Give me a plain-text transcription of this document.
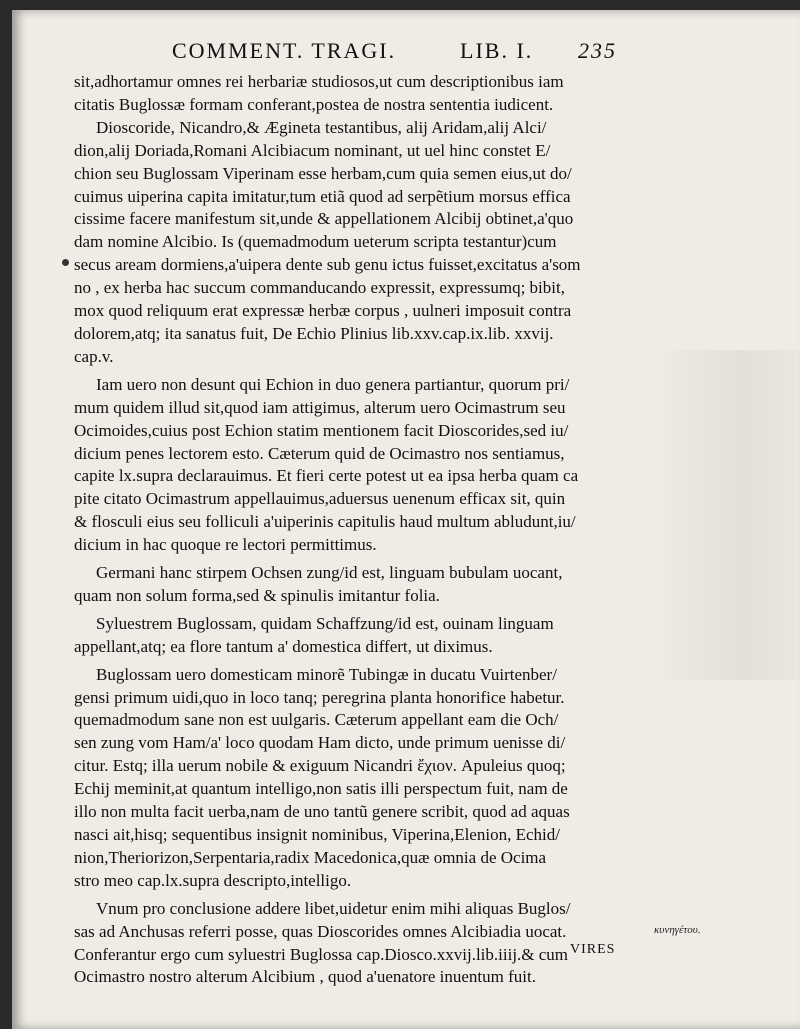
COMMENT. TRAGI.	LIB. I. 235
sit,adhortamur omnes rei herbariæ studiosos,ut cum descriptionibus iam
citatis Buglossæ formam conferant,postea de nostra sententia iudicent.
Dioscoride, Nicandro,& Ægineta testantibus, alij Aridam,alij Alci/
dion,alij Doriada,Romani Alcibiacum nominant, ut uel hinc constet E/
chion seu Buglossam Viperinam esse herbam,cum quia semen eius,ut do/
cuimus uiperina capita imitatur,tum etiã quod ad serpẽtium morsus effica
cissime facere manifestum sit,unde & appellationem Alcibij obtinet,a'quo
dam nomine Alcibio. Is (quemadmodum ueterum scripta testantur)cum
secus aream dormiens,a'uipera dente sub genu ictus fuisset,excitatus a'som
no , ex herba hac succum commanducando expressit, expressumq; bibit,
mox quod reliquum erat expressæ herbæ corpus , uulneri imposuit contra
dolorem,atq; ita sanatus fuit, De Echio Plinius lib.xxv.cap.ix.lib. xxvij.
cap.v.
Iam uero non desunt qui Echion in duo genera partiantur, quorum pri/
mum quidem illud sit,quod iam attigimus, alterum uero Ocimastrum seu
Ocimoides,cuius post Echion statim mentionem facit Dioscorides,sed iu/
dicium penes lectorem esto. Cæterum quid de Ocimastro nos sentiamus,
capite lx.supra declarauimus. Et fieri certe potest ut ea ipsa herba quam ca
pite citato Ocimastrum appellauimus,aduersus uenenum efficax sit, quin
& flosculi eius seu folliculi a'uiperinis capitulis haud multum abludunt,iu/
dicium in hac quoque re lectori permittimus.
Germani hanc stirpem Ochsen zung/id est, linguam bubulam uocant,
quam non solum forma,sed & spinulis imitantur folia.
Syluestrem Buglossam, quidam Schaffzung/id est, ouinam linguam
appellant,atq; ea flore tantum a' domestica differt, ut diximus.
Buglossam uero domesticam minorẽ Tubingæ in ducatu Vuirtenber/
gensi primum uidi,quo in loco tanq; peregrina planta honorifice habetur.
quemadmodum sane non est uulgaris. Cæterum appellant eam die Och/
sen zung vom Ham/a' loco quodam Ham dicto, unde primum uenisse di/
citur. Estq; illa uerum nobile & exiguum Nicandri ἔχιον. Apuleius quoq;
Echij meminit,at quantum intelligo,non satis illi perspectum fuit, nam de
illo non multa facit uerba,nam de uno tantũ genere scribit, quod ad aquas
nasci ait,hisq; sequentibus insignit nominibus, Viperina,Elenion, Echid/
nion,Theriorizon,Serpentaria,radix Macedonica,quæ omnia de Ocima
stro meo cap.lx.supra descripto,intelligo.
Vnum pro conclusione addere libet,uidetur enim mihi aliquas Buglos/
sas ad Anchusas referri posse, quas Dioscorides omnes Alcibiadia uocat.
Conferantur ergo cum syluestri Buglossa cap.Diosco.xxvij.lib.iiij.& cum
Ocimastro nostro alterum Alcibium , quod a'uenatore inuentum fuit.
κυνηγέτου.
VIRES
